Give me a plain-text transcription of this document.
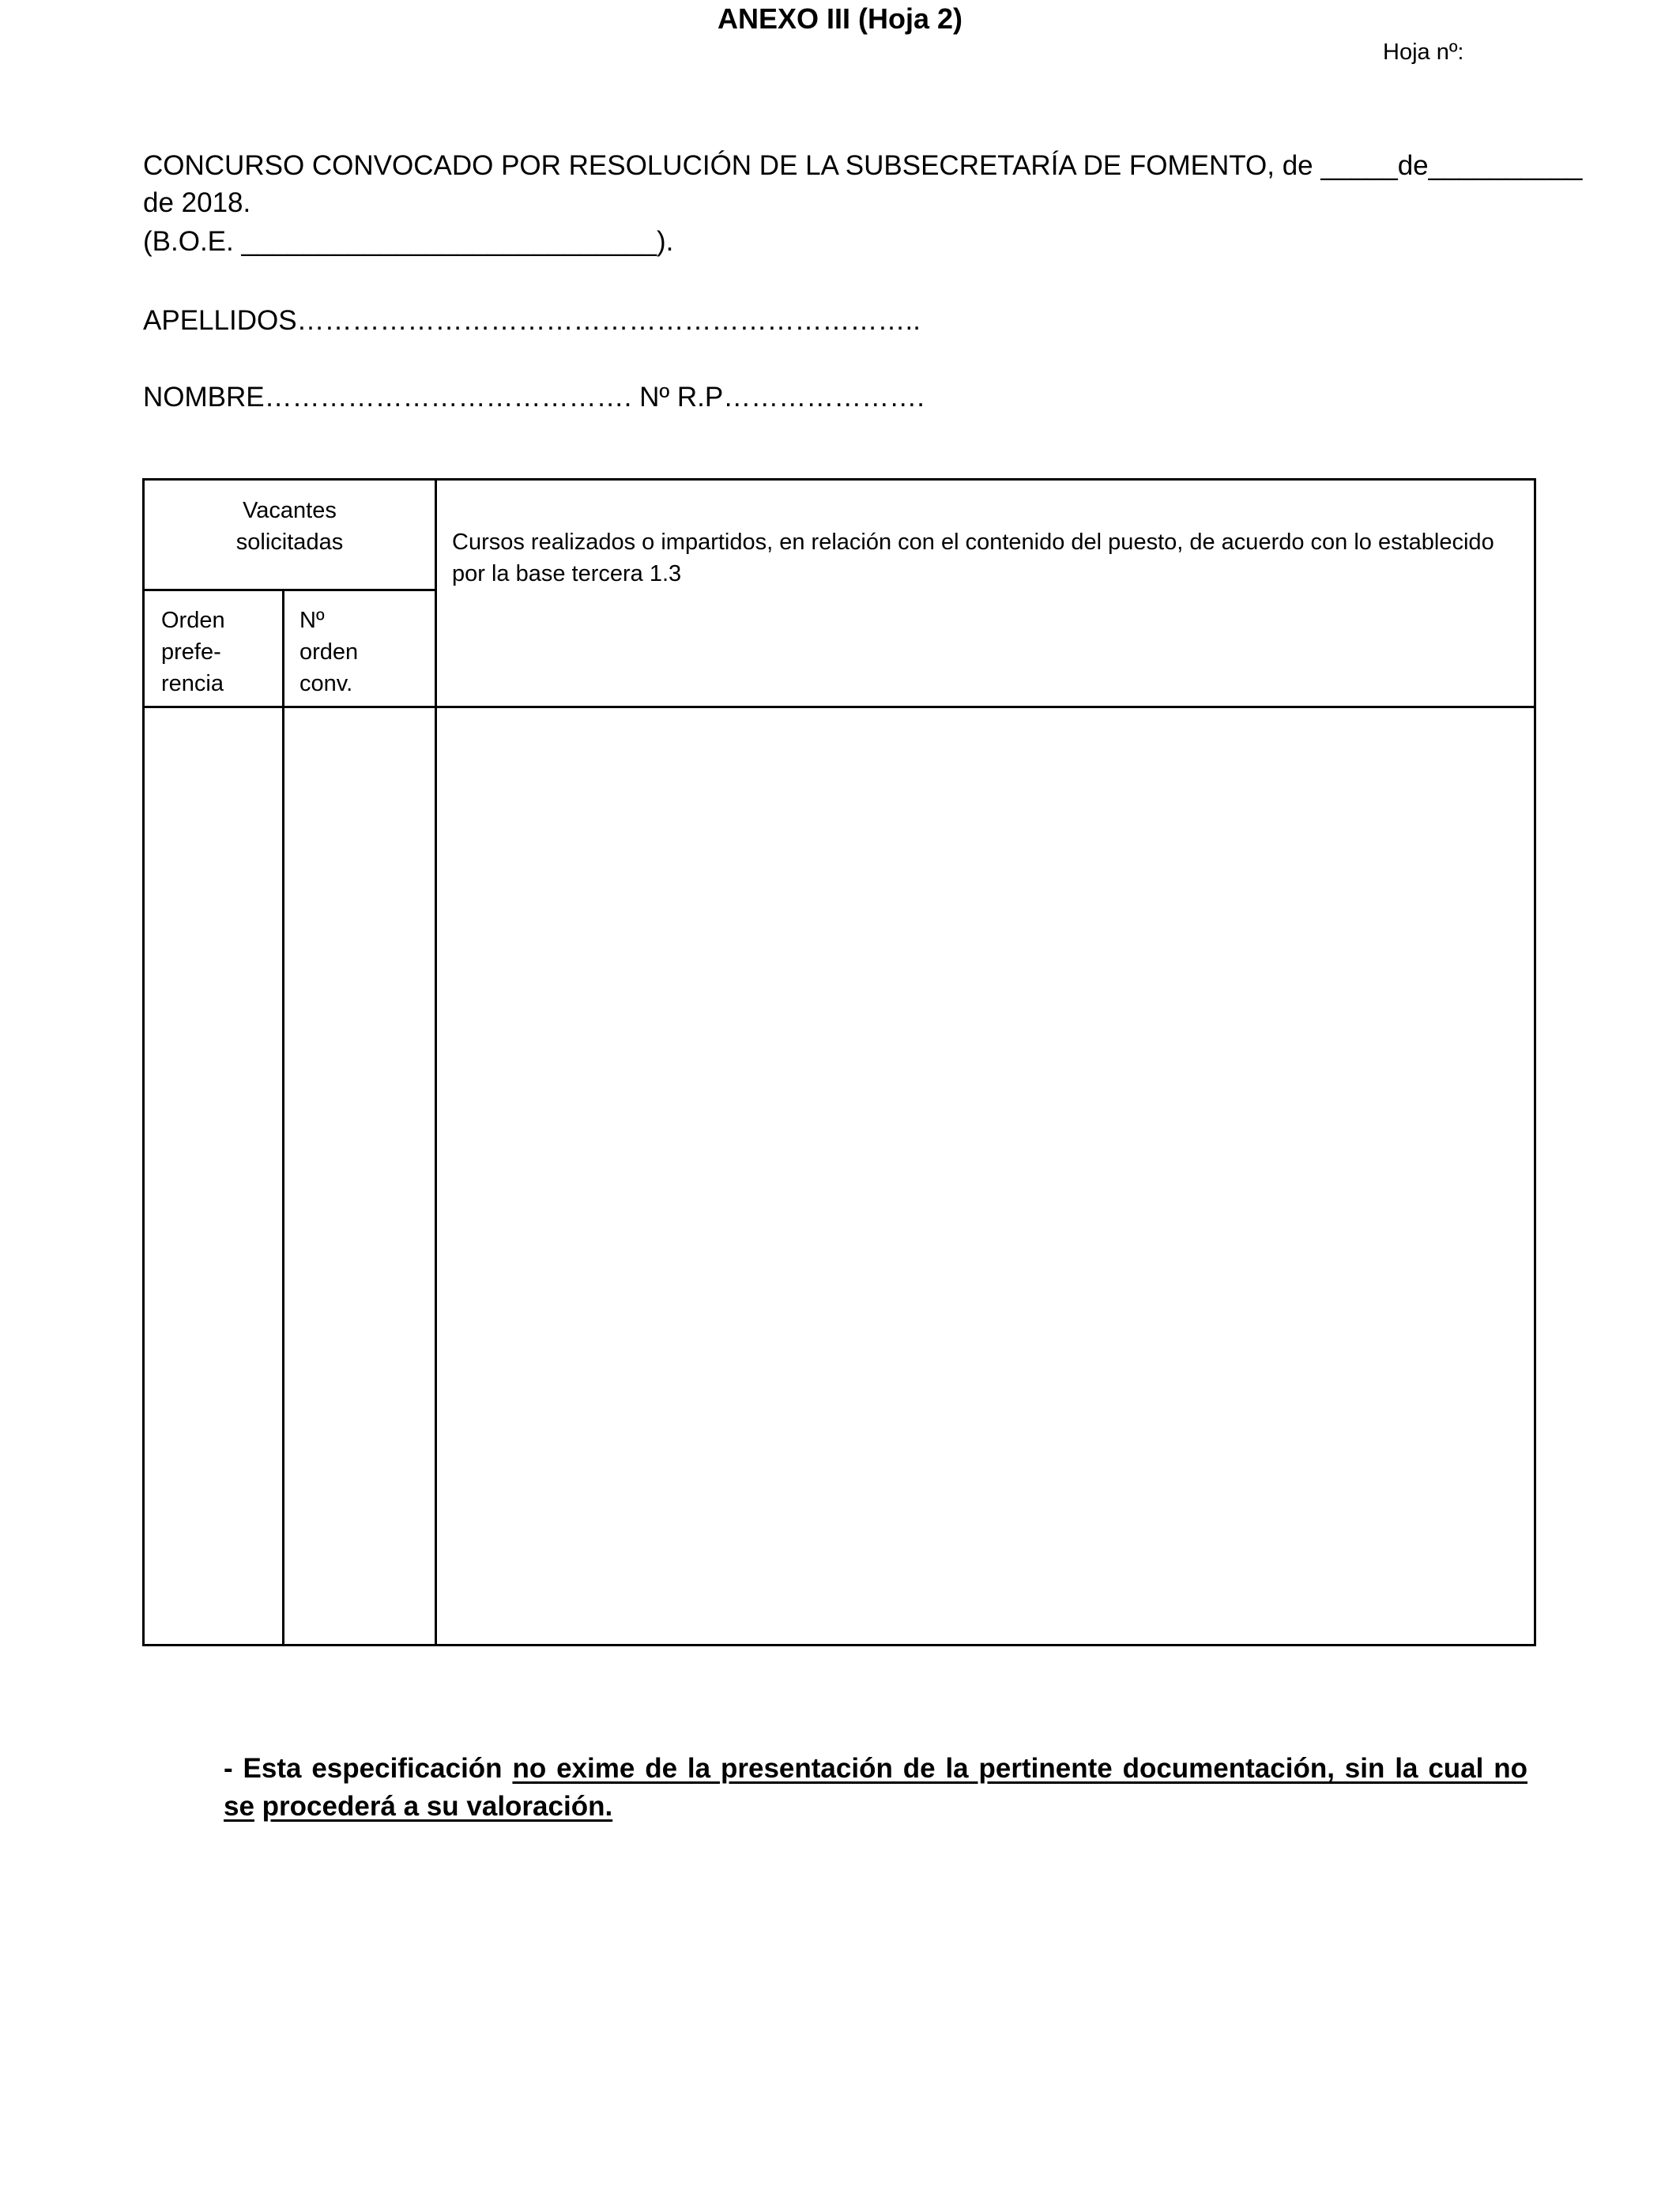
ANEXO III (Hoja 2)
Hoja nº:
CONCURSO CONVOCADO POR RESOLUCIÓN DE LA SUBSECRETARÍA DE FOMENTO, de _____de__________
de 2018.
(B.O.E. ___________________________).
APELLIDOS…………………………………………………………..
NOMBRE…………………………………. Nº R.P………………….
Vacantes
solicitadas
Orden
prefe-
rencia
Nº
orden
conv.
Cursos realizados o impartidos, en relación con el contenido del puesto, de acuerdo con lo establecido
por la base tercera 1.3
- Esta especificación no exime de la presentación de la pertinente documentación, sin la cual no se procederá a su valoración.
